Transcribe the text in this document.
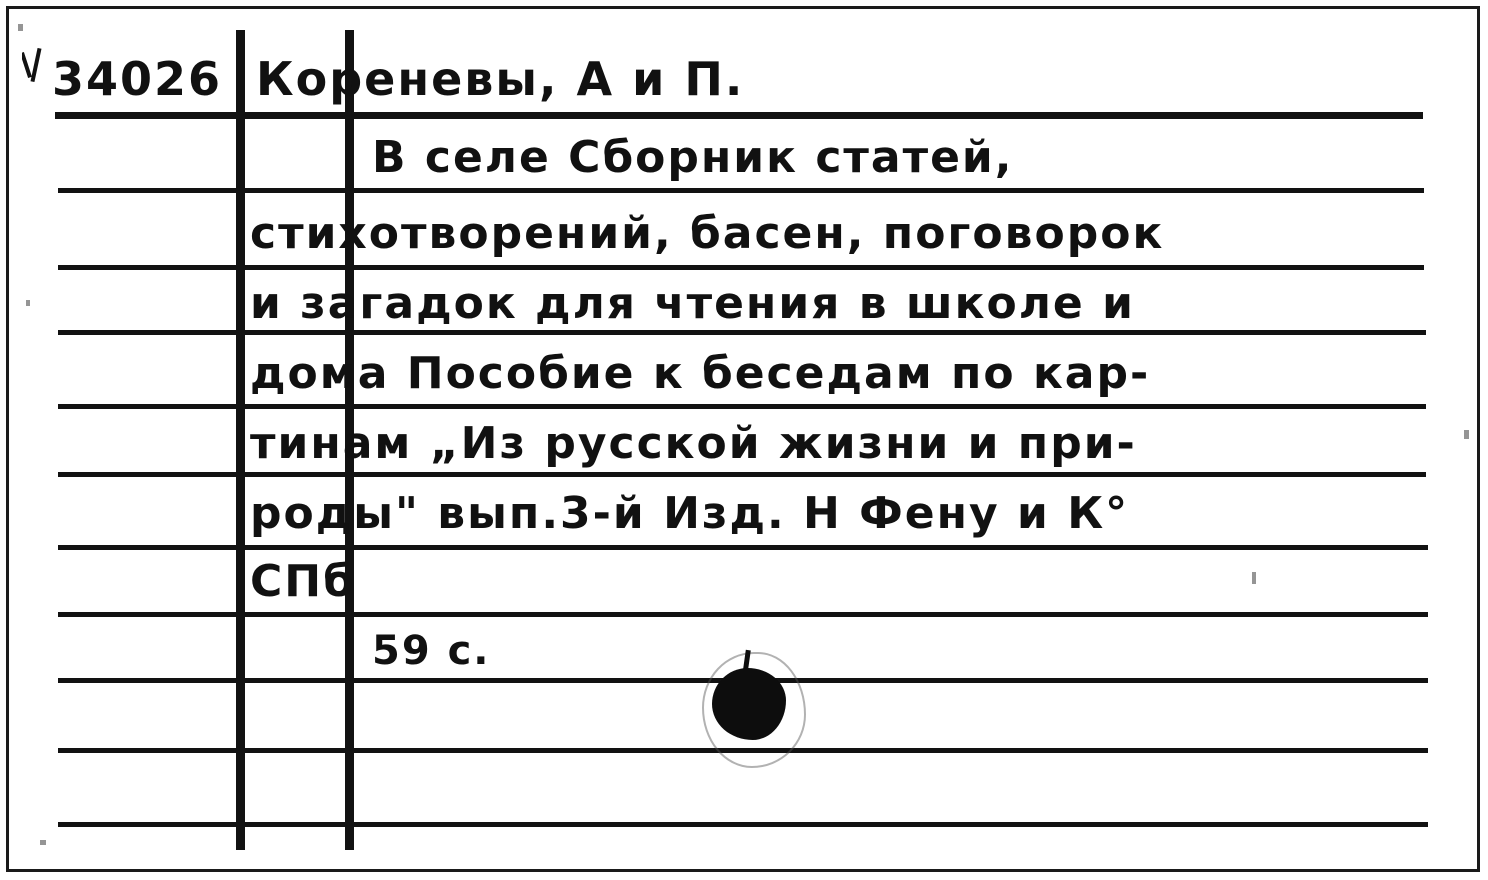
34026 Кореневы, А и П.
В селе Сборник статей,
стихотворений, басен, поговорок
и загадок для чтения в школе и
дома Пособие к беседам по кар-
тинам „Из русской жизни и при-
роды" вып.3-й Изд. Н Фену и К°
СПб
59 с.
